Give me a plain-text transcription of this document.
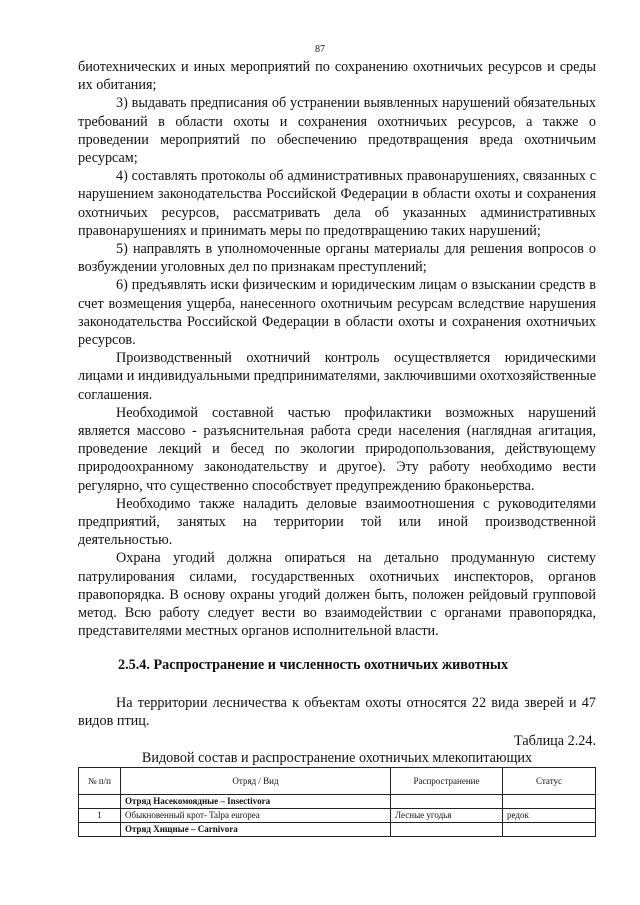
87

биотехнических и иных мероприятий по сохранению охотничьих ресурсов и среды их обитания;

3) выдавать предписания об устранении выявленных нарушений обязательных требований в области охоты и сохранения охотничьих ресурсов, а также о проведении мероприятий по обеспечению предотвращения вреда охотничьим ресурсам;

4) составлять протоколы об административных правонарушениях, связанных с нарушением законодательства Российской Федерации в области охоты и сохранения охотничьих ресурсов, рассматривать дела об указанных административных правонарушениях и принимать меры по предотвращению таких нарушений;

5) направлять в уполномоченные органы материалы для решения вопросов о возбуждении уголовных дел по признакам преступлений;

6) предъявлять иски физическим и юридическим лицам о взыскании средств в счет возмещения ущерба, нанесенного охотничьим ресурсам вследствие нарушения законодательства Российской Федерации в области охоты и сохранения охотничьих ресурсов.

Производственный охотничий контроль осуществляется юридическими лицами и индивидуальными предпринимателями, заключившими охотхозяйственные соглашения.

Необходимой составной частью профилактики возможных нарушений является массово - разъяснительная работа среди населения (наглядная агитация, проведение лекций и бесед по экологии природопользования, действующему природоохранному законодательству и другое). Эту работу необходимо вести регулярно, что существенно способствует предупреждению браконьерства.

Необходимо также наладить деловые взаимоотношения с руководителями предприятий, занятых на территории той или иной производственной деятельностью.

Охрана угодий должна опираться на детально продуманную систему патрулирования силами, государственных охотничьих инспекторов, органов правопорядка. В основу охраны угодий должен быть, положен рейдовый групповой метод. Всю работу следует вести во взаимодействии с органами правопорядка, представителями местных органов исполнительной власти.

2.5.4. Распространение и численность охотничьих животных

На территории лесничества к объектам охоты относятся 22 вида зверей и 47 видов птиц.

Таблица 2.24.

Видовой состав и распространение охотничьих млекопитающих

№ п/п	Отряд / Вид	Распространение	Статус
	Отряд Насекомоядные – Insectivora		
1	Обыкновенный крот- Talpa europea	Лесные угодья	редок
	Отряд Хищные – Carnivora		
